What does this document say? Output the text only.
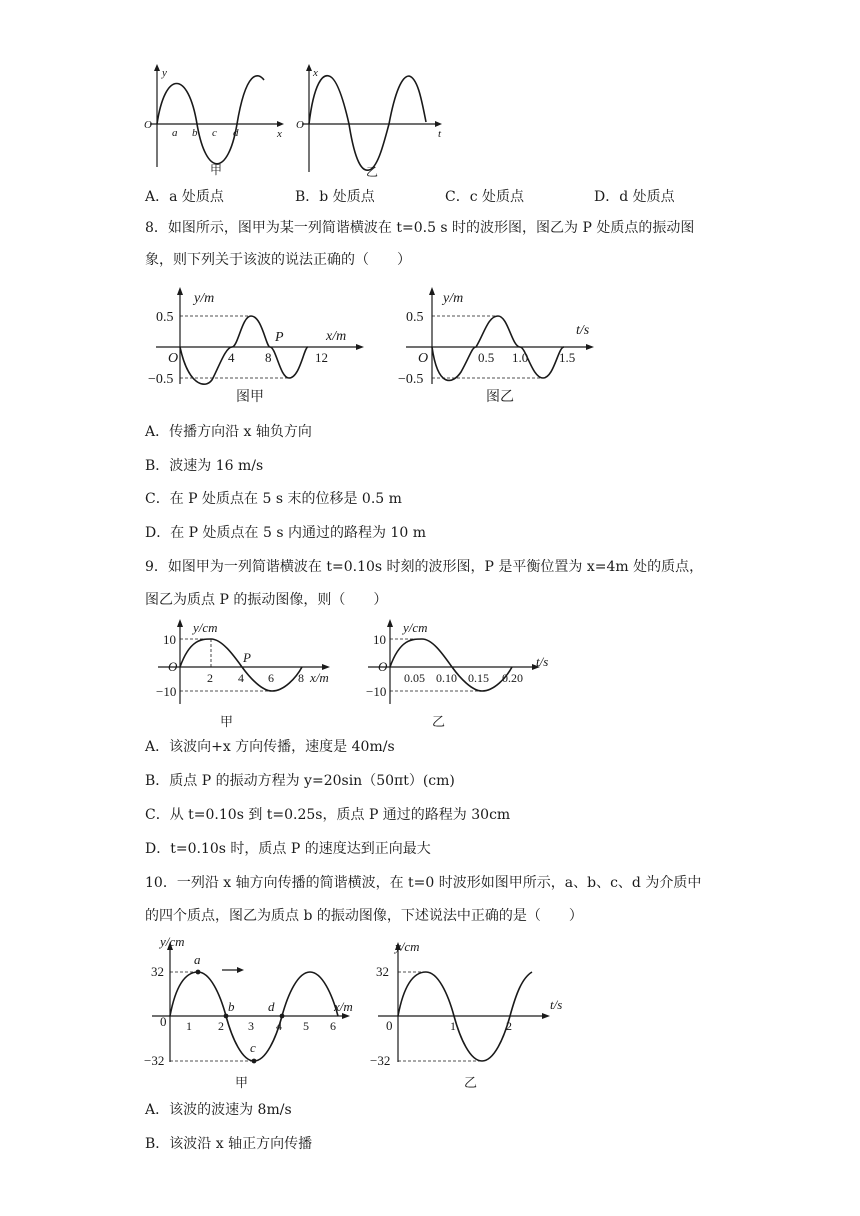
y
O
x
a b c d
甲
x
O
t
乙
A．a 处质点	B．b 处质点	C．c 处质点	D．d 处质点
8．如图所示，图甲为某一列简谐横波在 t=0.5 s 时的波形图，图乙为 P 处质点的振动图
象，则下列关于该波的说法正确的（　　）
y/m
0.5
−0.5
O	4 8	12
P	x/m
图甲
y/m
0.5
−0.5
O	0.5 1.0 1.5
t/s
图乙
A．传播方向沿 x 轴负方向
B．波速为 16 m/s
C．在 P 处质点在 5 s 末的位移是 0.5 m
D．在 P 处质点在 5 s 内通过的路程为 10 m
9．如图甲为一列简谐横波在 t=0.10s 时刻的波形图，P 是平衡位置为 x=4m 处的质点，
图乙为质点 P 的振动图像，则（　　）
y/cm
10
−10
O
2 4 6 8
P
x/m
甲
y/cm
10
−10
O
0.05 0.10 0.15 0.20
t/s
乙
A．该波向+x 方向传播，速度是 40m/s
B．质点 P 的振动方程为 y=20sin（50πt）(cm)
C．从 t=0.10s 到 t=0.25s，质点 P 通过的路程为 30cm
D．t=0.10s 时，质点 P 的速度达到正向最大
10．一列沿 x 轴方向传播的简谐横波，在 t=0 时波形如图甲所示，a、b、c、d 为介质中
的四个质点，图乙为质点 b 的振动图像，下述说法中正确的是（　　）
y/cm
32
−32
0
a
b
c
d
1 2 3 4 5 6
x/m
甲
y/cm
32
−32
0	1	2
t/s
乙
A．该波的波速为 8m/s
B．该波沿 x 轴正方向传播
